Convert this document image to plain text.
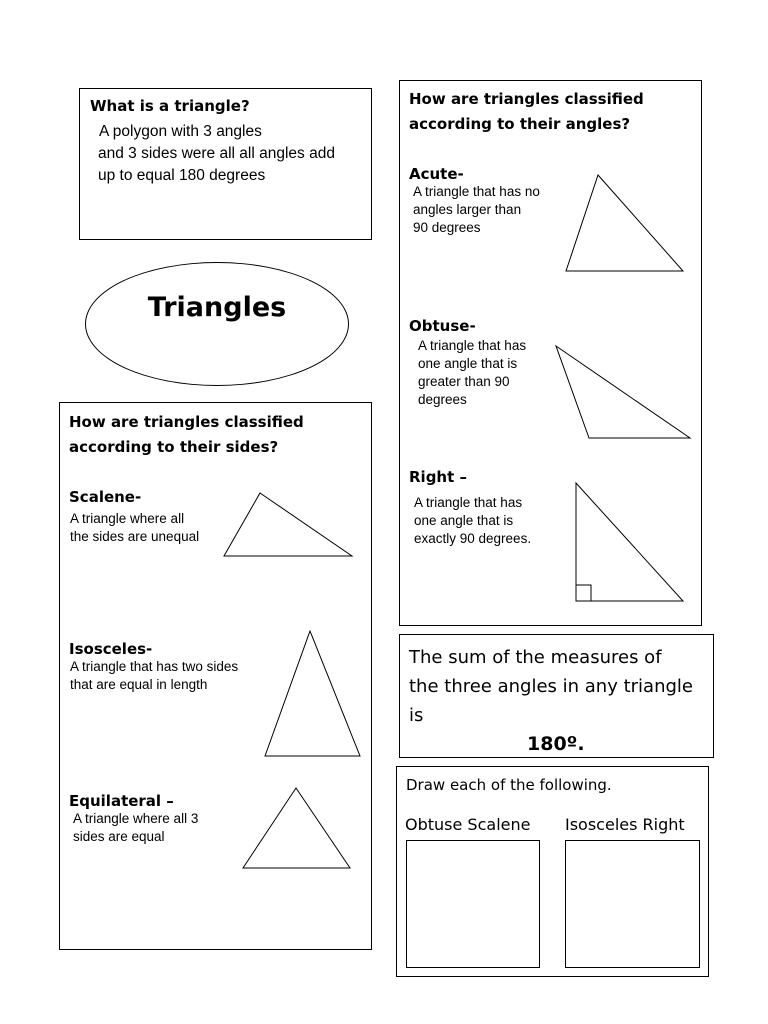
What is a triangle?
A polygon with 3 angles
and 3 sides were all all angles add
up to equal 180 degrees
Triangles
How are triangles classified
according to their sides?
Scalene-
A triangle where all
the sides are unequal
Isosceles-
A triangle that has two sides
that are equal in length
Equilateral –
A triangle where all 3
sides are equal
How are triangles classified
according to their angles?
Acute-
A triangle that has no
angles larger than
90 degrees
Obtuse-
A triangle that has
one angle that is
greater than 90
degrees
Right –
A triangle that has
one angle that is
exactly 90 degrees.
The sum of the measures of
the three angles in any triangle
is
180º.
Draw each of the following.
Obtuse Scalene Isosceles Right
